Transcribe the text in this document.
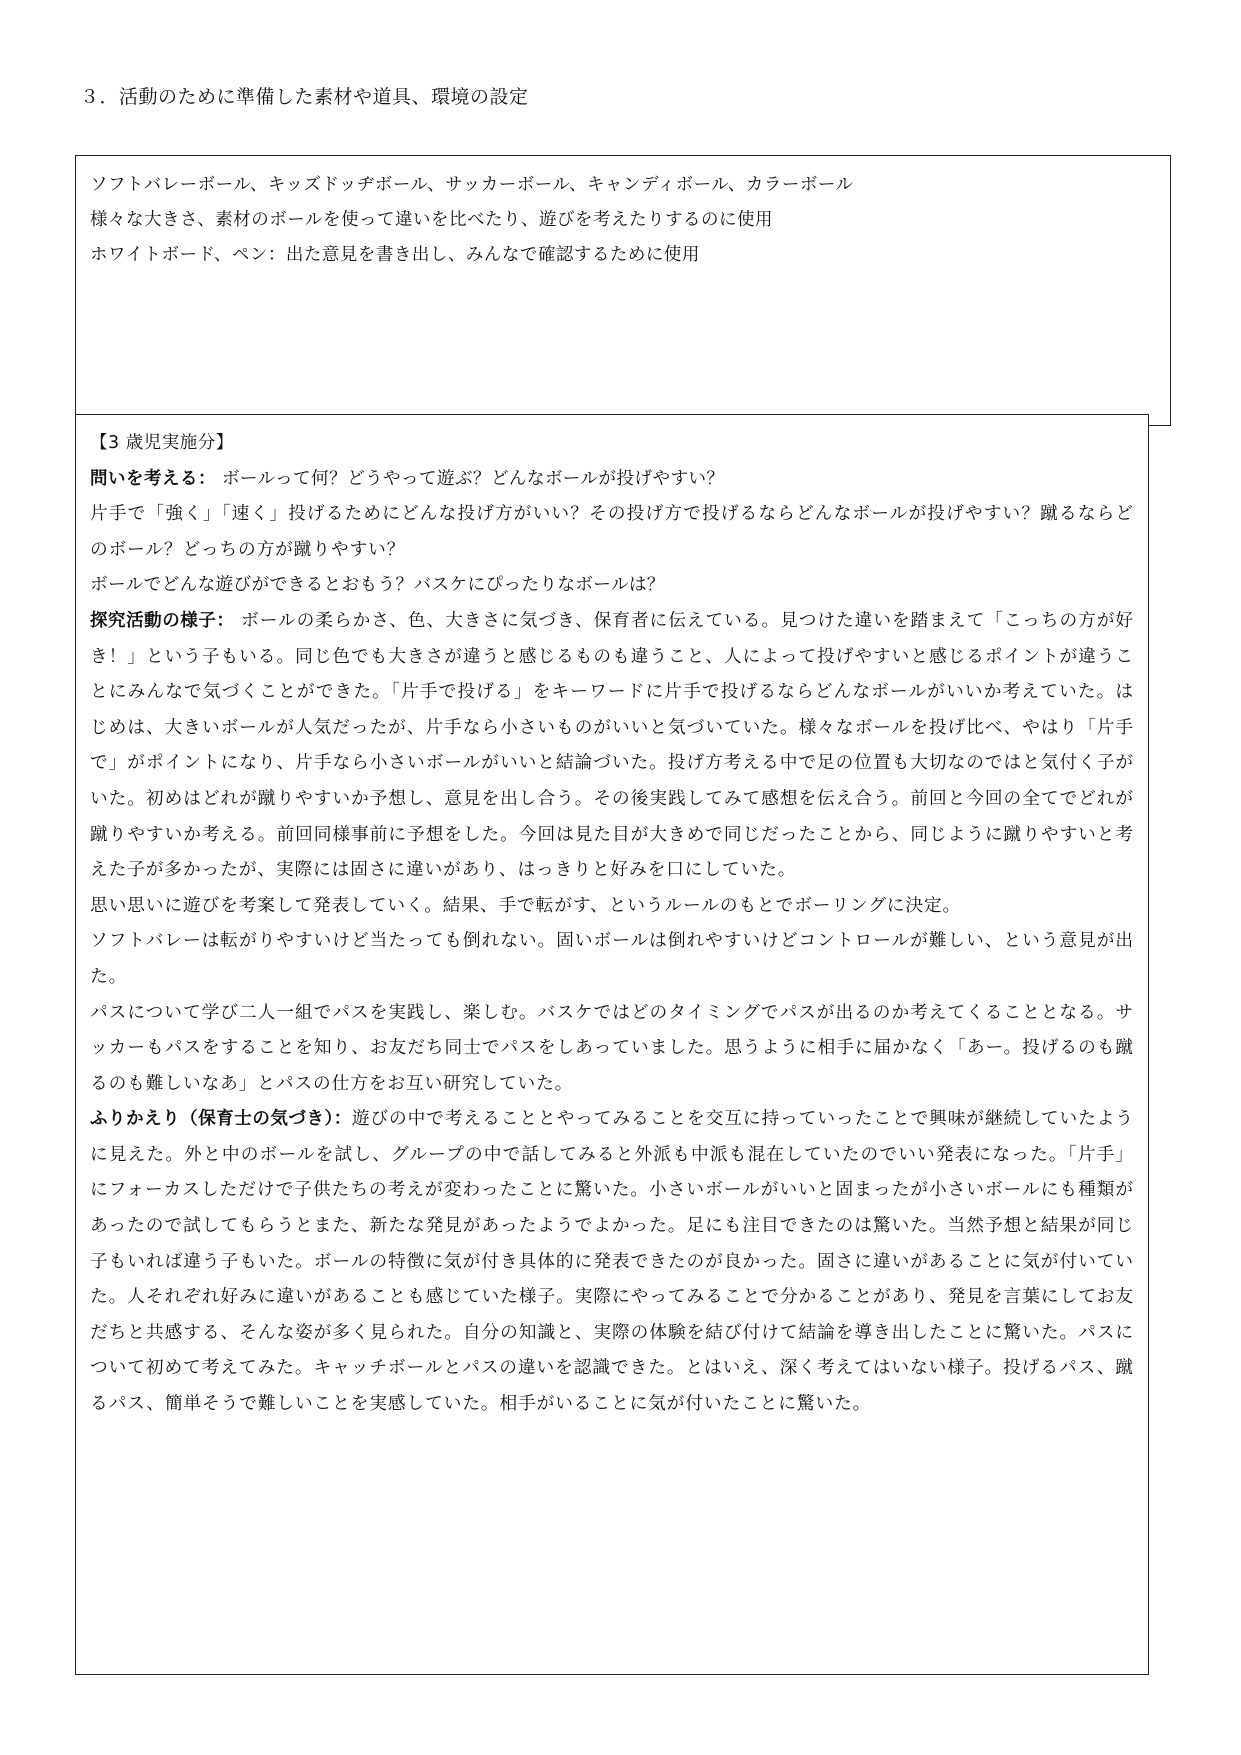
３．活動のために準備した素材や道具、環境の設定

ソフトバレーボール、キッズドッヂボール、サッカーボール、キャンディボール、カラーボール

様々な大きさ、素材のボールを使って違いを比べたり、遊びを考えたりするのに使用

ホワイトボード、ペン：出た意見を書き出し、みんなで確認するために使用

【3 歳児実施分】

問いを考える： ボールって何？どうやって遊ぶ？どんなボールが投げやすい？

片手で「強く」「速く」投げるためにどんな投げ方がいい？その投げ方で投げるならどんなボールが投げやすい？蹴るならどのボール？どっちの方が蹴りやすい？

ボールでどんな遊びができるとおもう？バスケにぴったりなボールは？

探究活動の様子： ボールの柔らかさ、色、大きさに気づき、保育者に伝えている。見つけた違いを踏まえて「こっちの方が好き！」という子もいる。同じ色でも大きさが違うと感じるものも違うこと、人によって投げやすいと感じるポイントが違うことにみんなで気づくことができた。「片手で投げる」をキーワードに片手で投げるならどんなボールがいいか考えていた。はじめは、大きいボールが人気だったが、片手なら小さいものがいいと気づいていた。様々なボールを投げ比べ、やはり「片手で」がポイントになり、片手なら小さいボールがいいと結論づいた。投げ方考える中で足の位置も大切なのではと気付く子がいた。初めはどれが蹴りやすいか予想し、意見を出し合う。その後実践してみて感想を伝え合う。前回と今回の全てでどれが蹴りやすいか考える。前回同様事前に予想をした。今回は見た目が大きめで同じだったことから、同じように蹴りやすいと考えた子が多かったが、実際には固さに違いがあり、はっきりと好みを口にしていた。

思い思いに遊びを考案して発表していく。結果、手で転がす、というルールのもとでボーリングに決定。

ソフトバレーは転がりやすいけど当たっても倒れない。固いボールは倒れやすいけどコントロールが難しい、という意見が出た。

パスについて学び二人一組でパスを実践し、楽しむ。バスケではどのタイミングでパスが出るのか考えてくることとなる。サッカーもパスをすることを知り、お友だち同士でパスをしあっていました。思うように相手に届かなく「あー。投げるのも蹴るのも難しいなあ」とパスの仕方をお互い研究していた。

ふりかえり（保育士の気づき）：遊びの中で考えることとやってみることを交互に持っていったことで興味が継続していたように見えた。外と中のボールを試し、グループの中で話してみると外派も中派も混在していたのでいい発表になった。「片手」にフォーカスしただけで子供たちの考えが変わったことに驚いた。小さいボールがいいと固まったが小さいボールにも種類があったので試してもらうとまた、新たな発見があったようでよかった。足にも注目できたのは驚いた。当然予想と結果が同じ子もいれば違う子もいた。ボールの特徴に気が付き具体的に発表できたのが良かった。固さに違いがあることに気が付いていた。人それぞれ好みに違いがあることも感じていた様子。実際にやってみることで分かることがあり、発見を言葉にしてお友だちと共感する、そんな姿が多く見られた。自分の知識と、実際の体験を結び付けて結論を導き出したことに驚いた。パスについて初めて考えてみた。キャッチボールとパスの違いを認識できた。とはいえ、深く考えてはいない様子。投げるパス、蹴るパス、簡単そうで難しいことを実感していた。相手がいることに気が付いたことに驚いた。
